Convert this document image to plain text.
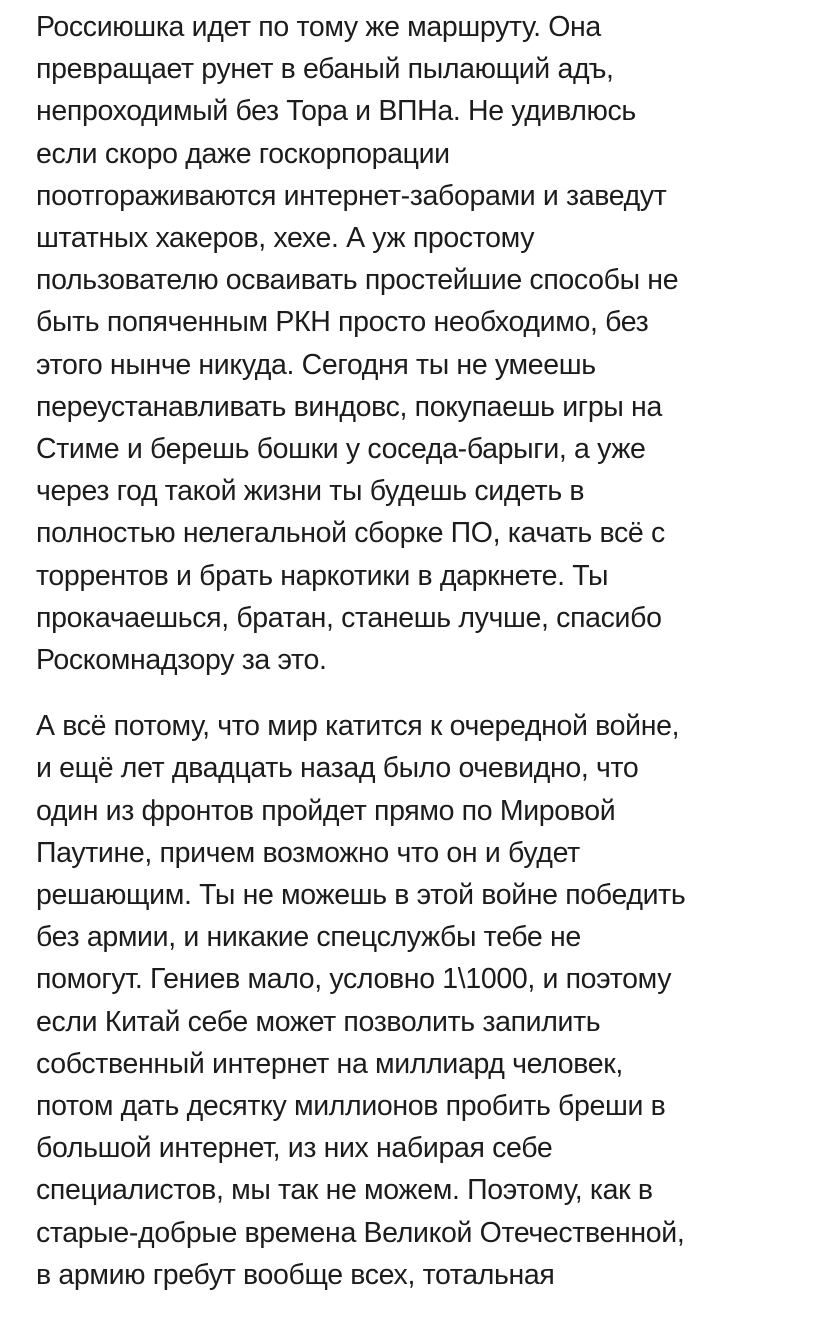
Россиюшка идет по тому же маршруту. Она
превращает рунет в ебаный пылающий адъ,
непроходимый без Тора и ВПНа. Не удивлюсь
если скоро даже госкорпорации
поотгораживаются интернет-заборами и заведут
штатных хакеров, хехе. А уж простому
пользователю осваивать простейшие способы не
быть попяченным РКН просто необходимо, без
этого нынче никуда. Сегодня ты не умеешь
переустанавливать виндовс, покупаешь игры на
Стиме и берешь бошки у соседа-барыги, а уже
через год такой жизни ты будешь сидеть в
полностью нелегальной сборке ПО, качать всё с
торрентов и брать наркотики в даркнете. Ты
прокачаешься, братан, станешь лучше, спасибо
Роскомнадзору за это.
А всё потому, что мир катится к очередной войне,
и ещё лет двадцать назад было очевидно, что
один из фронтов пройдет прямо по Мировой
Паутине, причем возможно что он и будет
решающим. Ты не можешь в этой войне победить
без армии, и никакие спецслужбы тебе не
помогут. Гениев мало, условно 1\1000, и поэтому
если Китай себе может позволить запилить
собственный интернет на миллиард человек,
потом дать десятку миллионов пробить бреши в
большой интернет, из них набирая себе
специалистов, мы так не можем. Поэтому, как в
старые-добрые времена Великой Отечественной,
в армию гребут вообще всех, тотальная
